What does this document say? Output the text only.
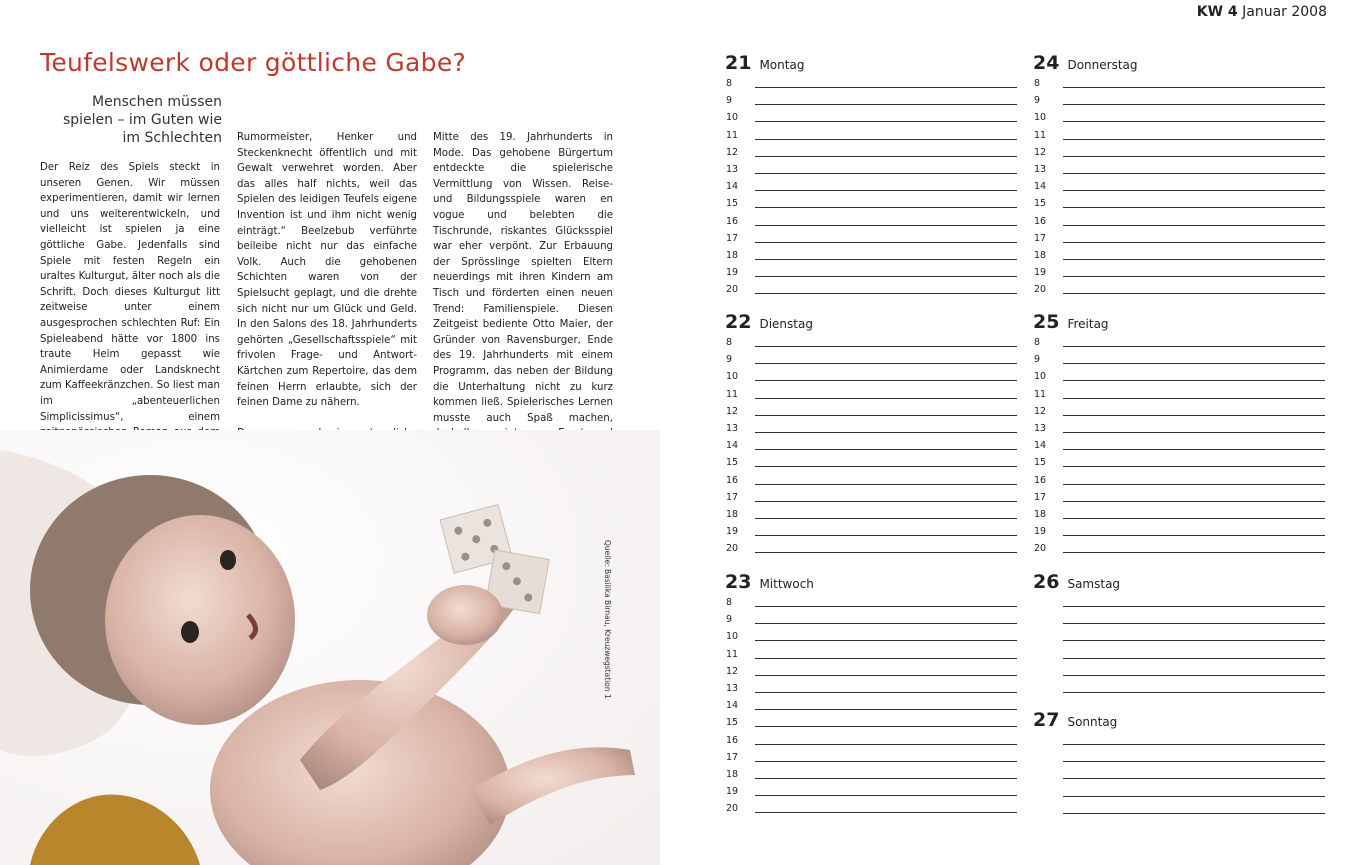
Teufelswerk oder göttliche Gabe?
Menschen müssen spielen – im Guten wie im Schlechten

Der Reiz des Spiels steckt in unseren Genen. Wir müssen experimentieren, damit wir lernen und uns weiterentwickeln, und vielleicht ist spielen ja eine göttliche Gabe. Jedenfalls sind Spiele mit festen Regeln ein uraltes Kulturgut, älter noch als die Schrift. Doch dieses Kulturgut litt zeitweise unter einem ausgesprochen schlechten Ruf: Ein Spieleabend hätte vor 1800 ins traute Heim gepasst wie Animierdame oder Landsknecht zum Kaffeekränzchen. So liest man im „abenteuerlichen Simplicissimus“, einem

Rumormeister, Henker und Steckenknecht öffentlich und mit Gewalt verwehret worden. Aber das alles half nichts, weil das Spielen des leidigen Teufels eigene Invention ist und ihm nicht wenig einträgt.“ Beelzebub verführte beileibe nicht nur das einfache Volk. Auch die gehobenen Schichten waren von der Spielsucht geplagt, und die drehte sich nicht nur um Glück und Geld. In den Salons des 18. Jahrhunderts gehörten „Gesellschaftsspiele“ mit frivolen Frage- und Antwort-Kärtchen zum Repertoire, das dem feinen Herrn erlaubte, sich der feinen Dame zu nähern.

Mitte des 19. Jahrhunderts in Mode. Das gehobene Bürgertum entdeckte die spielerische Vermittlung von Wissen. Reise- und Bildungsspiele waren en vogue und belebten die Tischrunde, riskantes Glücksspiel war eher verpönt. Zur Erbauung der Sprösslinge spielten Eltern neuerdings mit ihren Kindern am Tisch und förderten einen neuen Trend: Familienspiele. Diesen Zeitgeist bediente Otto Maier, der Gründer von Ravensburger, Ende des 19. Jahrhunderts mit einem Programm, das neben der Bildung die Unterhaltung nicht zu kurz kommen ließ. Spielerisches Lernen musste auch Spaß machen,

Quelle: Basilika Birnau, Kreuzwegstation 1
KW 4 Januar 2008
21 Montag
8
9
10
11
12
13
14
15
16
17
18
19
20
22 Dienstag
8
9
10
11
12
13
14
15
16
17
18
19
20
23 Mittwoch
8
9
10
11
12
13
14
15
16
17
18
19
20
24 Donnerstag
8
9
10
11
12
13
14
15
16
17
18
19
20
25 Freitag
8
9
10
11
12
13
14
15
16
17
18
19
20
26 Samstag
27 Sonntag
